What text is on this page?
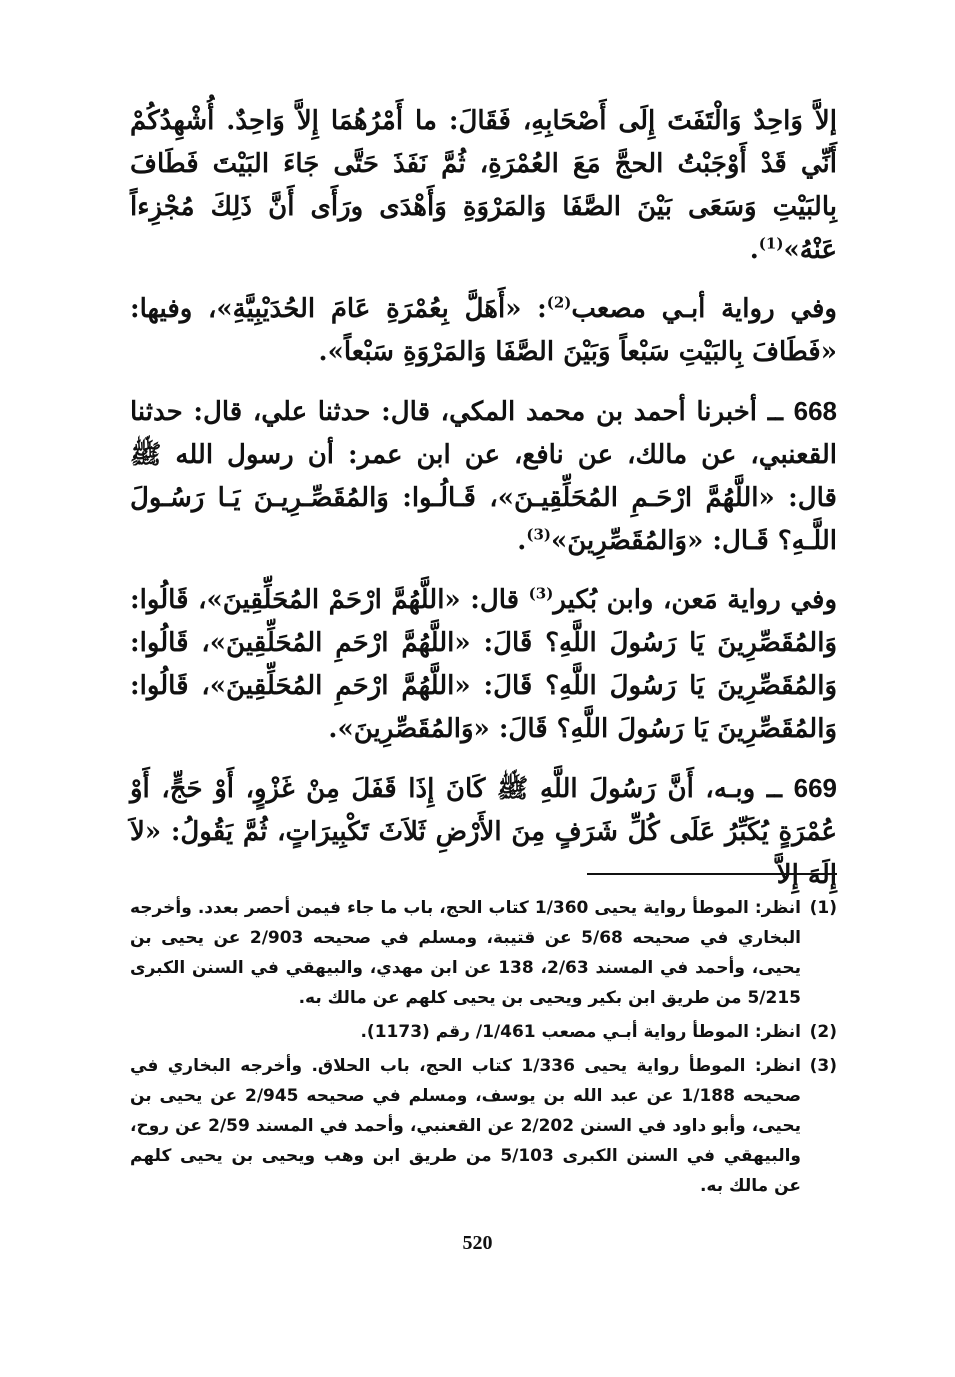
إلاَّ وَاحِدٌ وَالْتَفَتَ إِلَى أَصْحَابِهِ، فَقَالَ: ما أَمْرُهُمَا إِلاَّ وَاحِدٌ. أُشْهِدُكُمْ أَنِّي قَدْ أَوْجَبْتُ الحجَّ مَعَ العُمْرَةِ، ثُمَّ نَفَذَ حَتَّى جَاءَ البَيْتَ فَطَافَ بِالبَيْتِ وَسَعَى بَيْنَ الصَّفَا وَالمَرْوَةِ وَأَهْدَى ورَأَى أَنَّ ذَلِكَ مُجْزِءاً عَنْهُ»$^{(1)}$.

وفي رواية أبـي مصعب$^{(2)}$: «أَهَلَّ بِعُمْرَةِ عَامَ الحُدَيْبِيَّةِ»، وفيها: «فَطَافَ بِالبَيْتِ سَبْعاً وَبَيْنَ الصَّفَا وَالمَرْوَةِ سَبْعاً».

668 ــ أخبرنا أحمد بن محمد المكي، قال: حدثنا علي، قال: حدثنا القعنبي، عن مالك، عن نافع، عن ابن عمر: أن رسول الله ﷺ قال: «اللَّهُمَّ ارْحَـمِ المُحَلِّقِيـنَ»، قَـالُـوا: وَالمُقَصِّـرِيـنَ يَـا رَسُـولَ اللَّـهِ؟ قَـال: «وَالمُقَصِّرِينَ»$^{(3)}$.

وفي رواية مَعن، وابن بُكير$^{(3)}$ قال: «اللَّهُمَّ ارْحَمْ المُحَلِّقِينَ»، قَالُوا: وَالمُقَصِّرِينَ يَا رَسُولَ اللَّهِ؟ قَالَ: «اللَّهُمَّ ارْحَمِ المُحَلِّقِينَ»، قَالُوا: وَالمُقَصِّرِينَ يَا رَسُولَ اللَّهِ؟ قَالَ: «اللَّهُمَّ ارْحَمِ المُحَلِّقِينَ»، قَالُوا: وَالمُقَصِّرِينَ يَا رَسُولَ اللَّهِ؟ قَالَ: «وَالمُقَصِّرِينَ».

669 ــ وبـه، أَنَّ رَسُولَ اللَّهِ ﷺ كَانَ إِذَا قَفَلَ مِنْ غَزْوٍ، أَوْ حَجٍّ، أَوْ عُمْرَةٍ يُكَبِّرُ عَلَى كُلِّ شَرَفٍ مِنَ الأَرْضِ ثَلاَثَ تَكْبِيرَاتٍ، ثُمَّ يَقُولُ: «لاَ إِلَهَ إِلاَّ

(1)
انظر: الموطأ رواية يحيى 1/360 كتاب الحج، باب ما جاء فيمن أحصر بعدد. وأخرجه البخاري في صحيحه 5/68 عن قتيبة، ومسلم في صحيحه 2/903 عن يحيى بن يحيى، وأحمد في المسند 2/63، 138 عن ابن مهدي، والبيهقي في السنن الكبرى 5/215 من طريق ابن بكير ويحيى بن يحيى كلهم عن مالك به.
(2)
انظر: الموطأ رواية أبـي مصعب 1/461/ رقم (1173).
(3)
انظر: الموطأ رواية يحيى 1/336 كتاب الحج، باب الحلاق. وأخرجه البخاري في صحيحه 1/188 عن عبد الله بن يوسف، ومسلم في صحيحه 2/945 عن يحيى بن يحيى، وأبو داود في السنن 2/202 عن القعنبي، وأحمد في المسند 2/59 عن روح، والبيهقي في السنن الكبرى 5/103 من طريق ابن وهب ويحيى بن يحيى كلهم عن مالك به.
520
